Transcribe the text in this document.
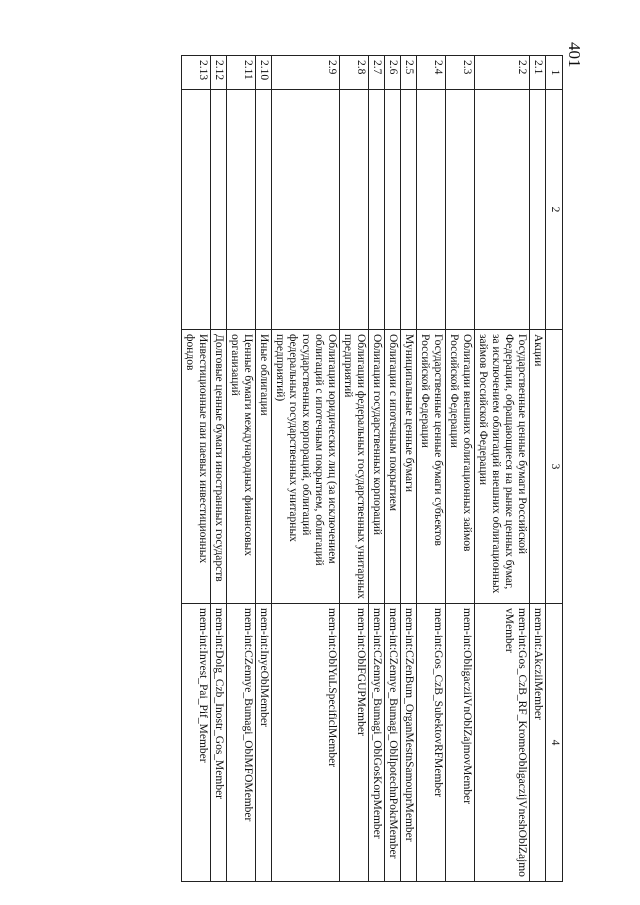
401
1	2	3	4
2.1		Акции	mem-int:AkcziiMember
2.2		Государственные ценные бумаги Российской Федерации, обращающиеся на рынке ценных бумаг, за исключением облигаций внешних облигационных займов Российской Федерации	mem-int:Gos_CzB_RF_KromeObligaczijVneshOblZajmovMember
2.3		Облигации внешних облигационных займов Российской Федерации	mem-int:ObligacziiVnOblZajmovMember
2.4		Государственные ценные бумаги субъектов Российской Федерации	mem-int:Gos_CzB_SubektovRFMember
2.5		Муниципальные ценные бумаги	mem-int:CZenBum_OrganMestnSamouprMember
2.6		Облигации с ипотечным покрытием	mem-int:CZennye_Bumagi_OblIpotechnPokrMember
2.7		Облигации государственных корпораций	mem-int:CZennye_Bumagi_OblGosKorpMember
2.8		Облигации федеральных государственных унитарных предприятий	mem-int:OblFGUPMember
2.9		Облигации юридических лиц (за исключением облигаций с ипотечным покрытием, облигаций государственных корпораций, облигаций федеральных государственных унитарных предприятий)	mem-int:OblYuLSpecificlMember
2.10		Иные облигации	mem-int:InyeOblMember
2.11		Ценные бумаги международных финансовых организаций	mem-int:CZennye_Bumagi_OblMFOMember
2.12		Долговые ценные бумаги иностранных государств	mem-int:Dolg_Czb_Inostr_Gos_Member
2.13		Инвестиционные паи паевых инвестиционных фондов	mem-int:Invest_Pai_Pif_Member
